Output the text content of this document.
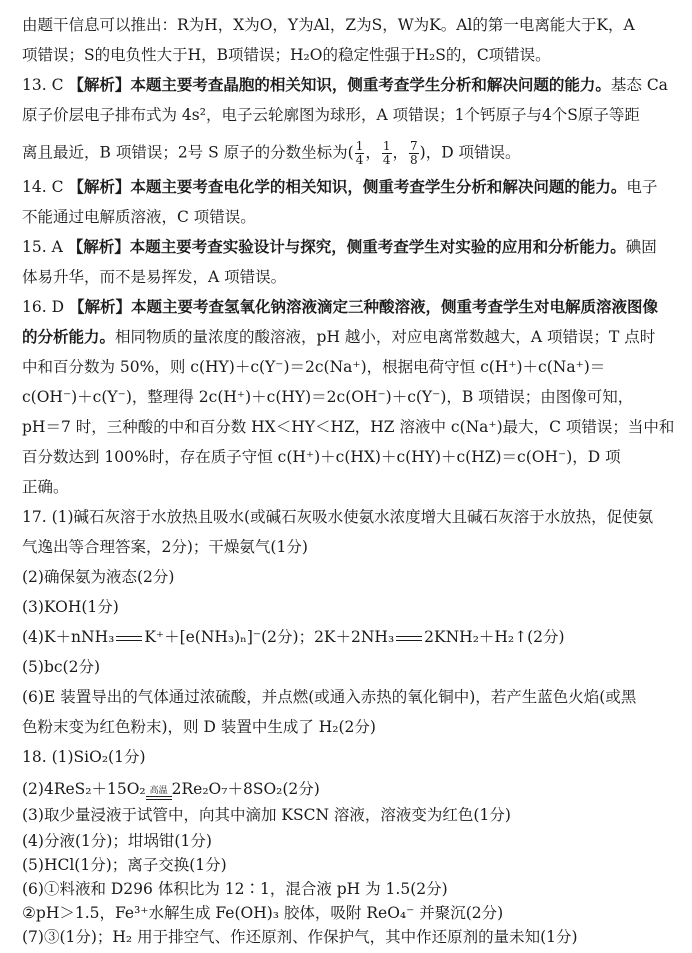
由题干信息可以推出：R为H，X为O，Y为Al，Z为S，W为K。Al的第一电离能大于K，A
项错误；S的电负性大于H，B项错误；H₂O的稳定性强于H₂S的，C项错误。
13. C 【解析】本题主要考查晶胞的相关知识，侧重考查学生分析和解决问题的能力。基态 Ca
原子价层电子排布式为 4s²，电子云轮廓图为球形，A 项错误；1个钙原子与4个S原子等距
离且最近，B 项错误；2号 S 原子的分数坐标为( $\frac{1}{4}$ ， $\frac{1}{4}$ ， $\frac{7}{8}$ )，D 项错误。
14. C 【解析】本题主要考查电化学的相关知识，侧重考查学生分析和解决问题的能力。电子
不能通过电解质溶液，C 项错误。
15. A 【解析】本题主要考查实验设计与探究，侧重考查学生对实验的应用和分析能力。碘固
体易升华，而不是易挥发，A 项错误。
16. D 【解析】本题主要考查氢氧化钠溶液滴定三种酸溶液，侧重考查学生对电解质溶液图像
的分析能力。相同物质的量浓度的酸溶液，pH 越小，对应电离常数越大，A 项错误；T 点时
中和百分数为 50%，则 c(HY)＋c(Y⁻)＝2c(Na⁺)，根据电荷守恒 c(H⁺)＋c(Na⁺)＝
c(OH⁻)＋c(Y⁻)，整理得 2c(H⁺)＋c(HY)＝2c(OH⁻)＋c(Y⁻)，B 项错误；由图像可知，
pH＝7 时，三种酸的中和百分数 HX＜HY＜HZ，HZ 溶液中 c(Na⁺)最大，C 项错误；当中和
百分数达到 100%时，存在质子守恒 c(H⁺)＋c(HX)＋c(HY)＋c(HZ)＝c(OH⁻)，D 项
正确。
17. (1)碱石灰溶于水放热且吸水(或碱石灰吸水使氨水浓度增大且碱石灰溶于水放热，促使氨
气逸出等合理答案，2分)；干燥氨气(1分)
(2)确保氨为液态(2分)
(3)KOH(1分)
(4)K＋nNH₃ K⁺＋[e(NH₃)ₙ]⁻(2分)；2K＋2NH₃ 2KNH₂＋H₂↑(2分)
(5)bc(2分)
(6)E 装置导出的气体通过浓硫酸，并点燃(或通入赤热的氧化铜中)，若产生蓝色火焰(或黑
色粉末变为红色粉末)，则 D 装置中生成了 H₂(2分)
18. (1)SiO₂(1分)
(2)4ReS₂＋15O₂ 高温 2Re₂O₇＋8SO₂(2分)
(3)取少量浸液于试管中，向其中滴加 KSCN 溶液，溶液变为红色(1分)
(4)分液(1分)；坩埚钳(1分)
(5)HCl(1分)；离子交换(1分)
(6)①料液和 D296 体积比为 12∶1，混合液 pH 为 1.5(2分)
②pH＞1.5，Fe³⁺水解生成 Fe(OH)₃ 胶体，吸附 ReO₄⁻ 并聚沉(2分)
(7)③(1分)；H₂ 用于排空气、作还原剂、作保护气，其中作还原剂的量未知(1分)
